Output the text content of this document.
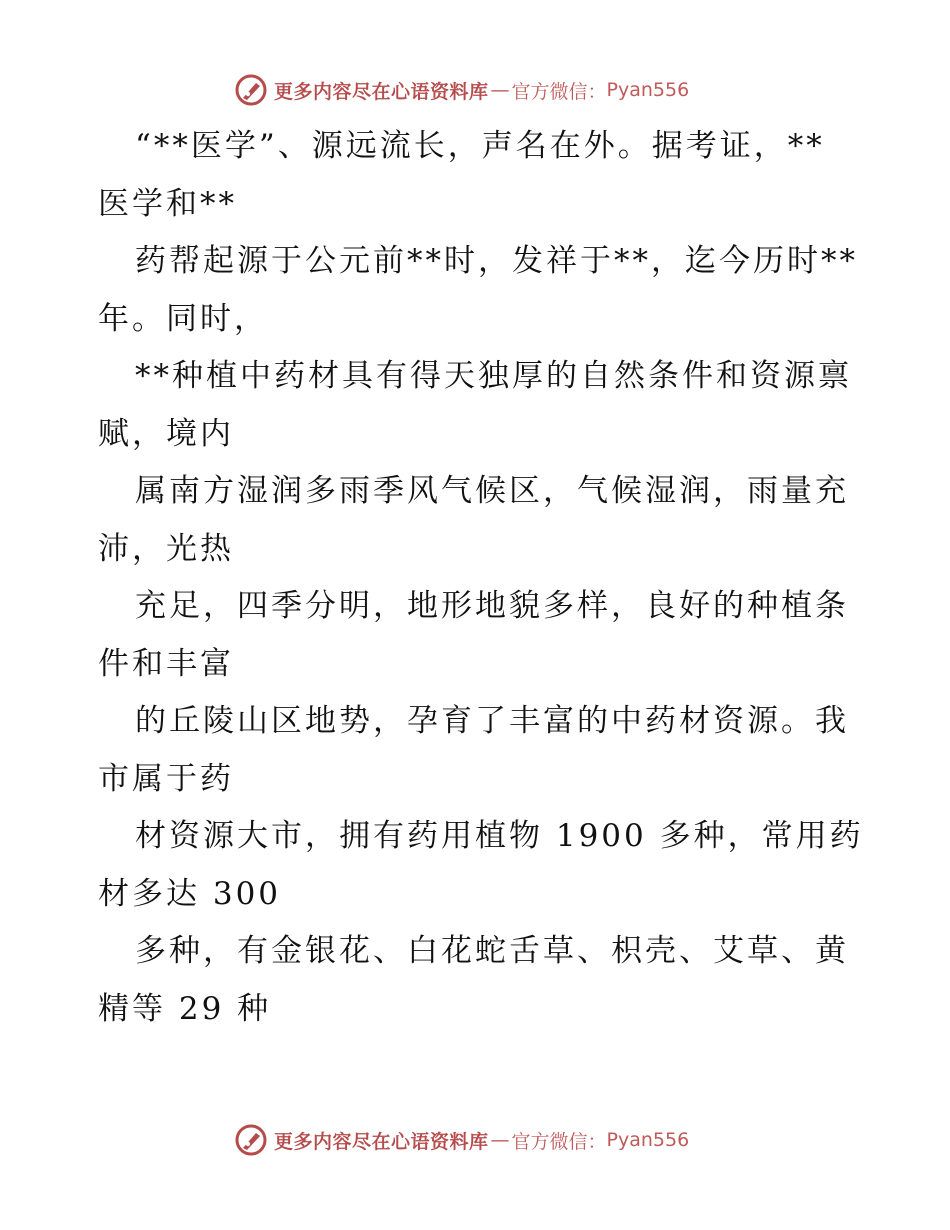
更多内容尽在心语资料库 — 官方微信： Pyan556

“**医学”、源远流长，声名在外。据考证，**
医学和**

药帮起源于公元前**时，发祥于**，迄今历时**
年。同时，

**种植中药材具有得天独厚的自然条件和资源禀
赋，境内

属南方湿润多雨季风气候区，气候湿润，雨量充
沛，光热

充足，四季分明，地形地貌多样，良好的种植条
件和丰富

的丘陵山区地势，孕育了丰富的中药材资源。我
市属于药

材资源大市，拥有药用植物 1900 多种，常用药
材多达 300

多种，有金银花、白花蛇舌草、枳壳、艾草、黄
精等 29 种

更多内容尽在心语资料库 — 官方微信： Pyan556
